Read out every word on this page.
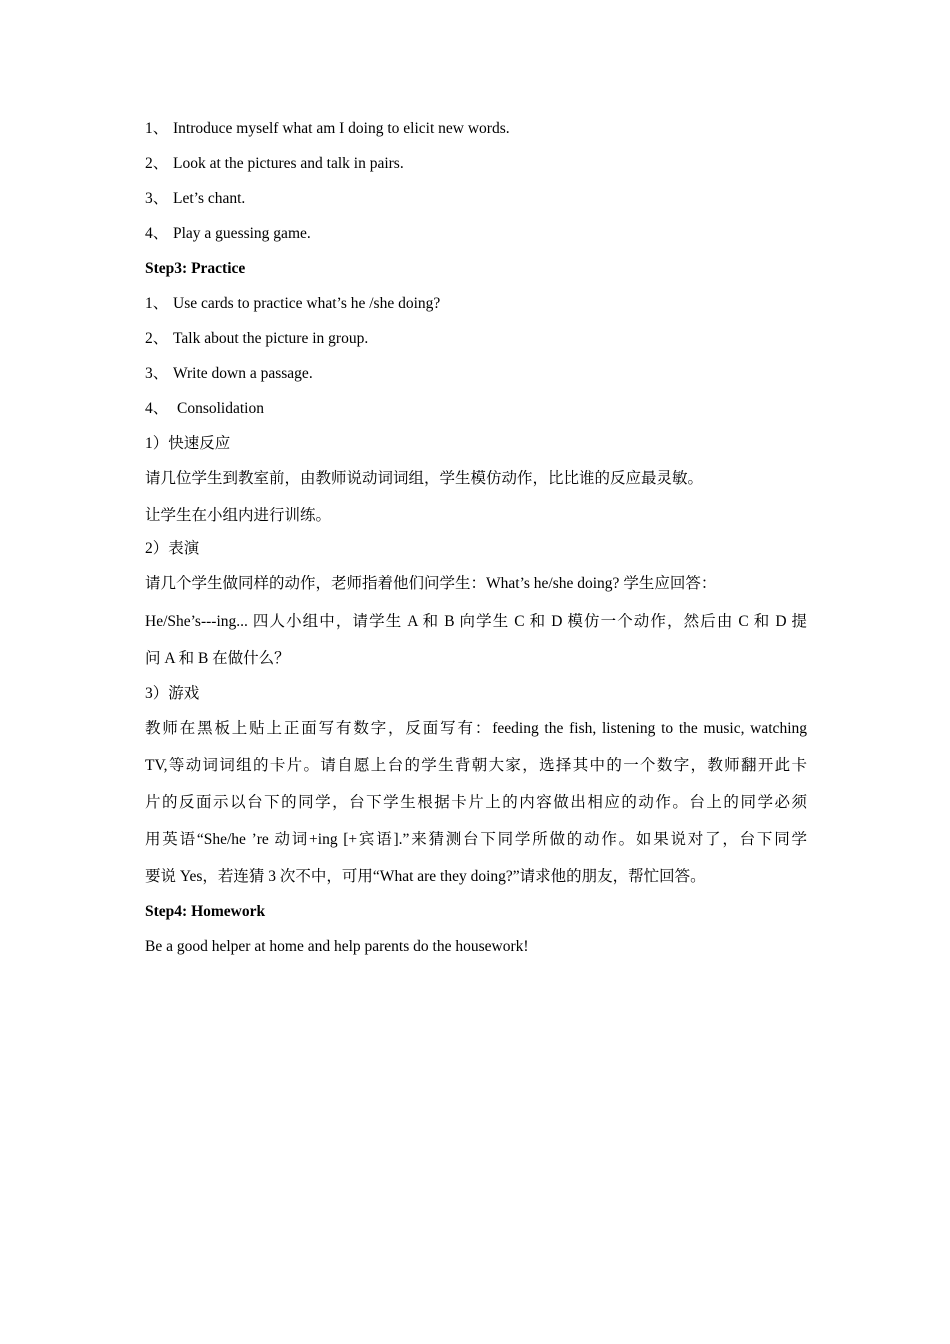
1、 Introduce myself what am I doing to elicit new words.
2、 Look at the pictures and talk in pairs.
3、 Let’s chant.
4、 Play a guessing game.
Step3: Practice
1、 Use cards to practice what’s he /she doing?
2、 Talk about the picture in group.
3、 Write down a passage.
4、 Consolidation
1）快速反应
请几位学生到教室前，由教师说动词词组，学生模仿动作，比比谁的反应最灵敏。
让学生在小组内进行训练。
2）表演
请几个学生做同样的动作，老师指着他们问学生：What’s he/she doing? 学生应回答：
He/She’s---ing... 四人小组中，请学生 A 和 B 向学生 C 和 D 模仿一个动作，然后由 C 和 D 提
问 A 和 B 在做什么？
3）游戏
教师在黑板上贴上正面写有数字，反面写有：feeding the fish, listening to the music, watching
TV,等动词词组的卡片。请自愿上台的学生背朝大家，选择其中的一个数字，教师翻开此卡
片的反面示以台下的同学，台下学生根据卡片上的内容做出相应的动作。台上的同学必须
用英语“She/he ’re 动词+ing [+宾语].”来猜测台下同学所做的动作。如果说对了，台下同学
要说 Yes，若连猜 3 次不中，可用“What are they doing?”请求他的朋友，帮忙回答。
Step4: Homework
Be a good helper at home and help parents do the housework!
